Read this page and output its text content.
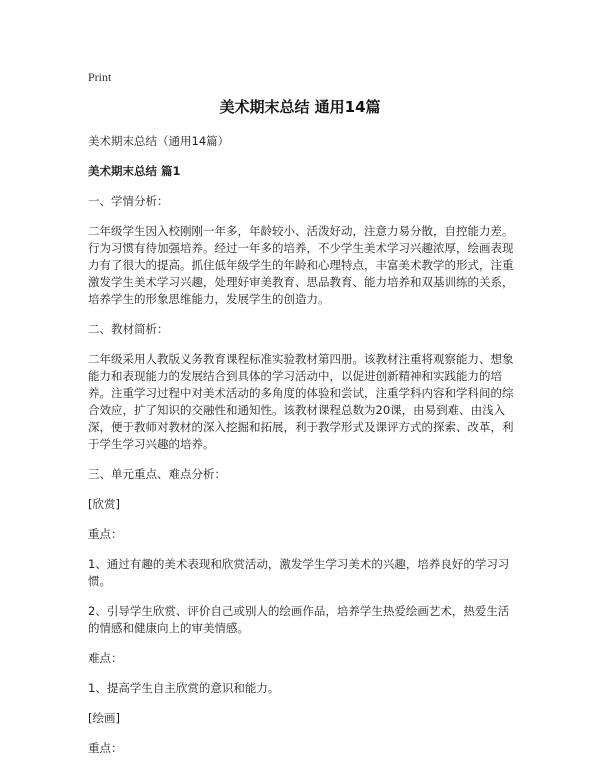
Print
美术期末总结 通用14篇

美术期末总结（通用14篇）

美术期末总结 篇1

一、学情分析：

二年级学生因入校刚刚一年多，年龄较小、活泼好动，注意力易分散，自控能力差。行为习惯有待加强培养。经过一年多的培养，不少学生美术学习兴趣浓厚，绘画表现力有了很大的提高。抓住低年级学生的年龄和心理特点，丰富美术教学的形式，注重激发学生美术学习兴趣，处理好审美教育、思品教育、能力培养和双基训练的关系，培养学生的形象思维能力，发展学生的创造力。

二、教材简析：

二年级采用人教版义务教育课程标准实验教材第四册。该教材注重将观察能力、想象能力和表现能力的发展结合到具体的学习活动中，以促进创新精神和实践能力的培养。注重学习过程中对美术活动的多角度的体验和尝试，注重学科内容和学科间的综合效应，扩了知识的交融性和通知性。该教材课程总数为20课，由易到难、由浅入深，便于教师对教材的深入挖掘和拓展，利于教学形式及课评方式的探索、改革，利于学生学习兴趣的培养。

三、单元重点、难点分析：

[欣赏]

重点：

1、通过有趣的美术表现和欣赏活动，激发学生学习美术的兴趣，培养良好的学习习惯。

2、引导学生欣赏、评价自己或别人的绘画作品，培养学生热爱绘画艺术，热爱生活的情感和健康向上的审美情感。

难点：

1、提高学生自主欣赏的意识和能力。

[绘画]

重点：
